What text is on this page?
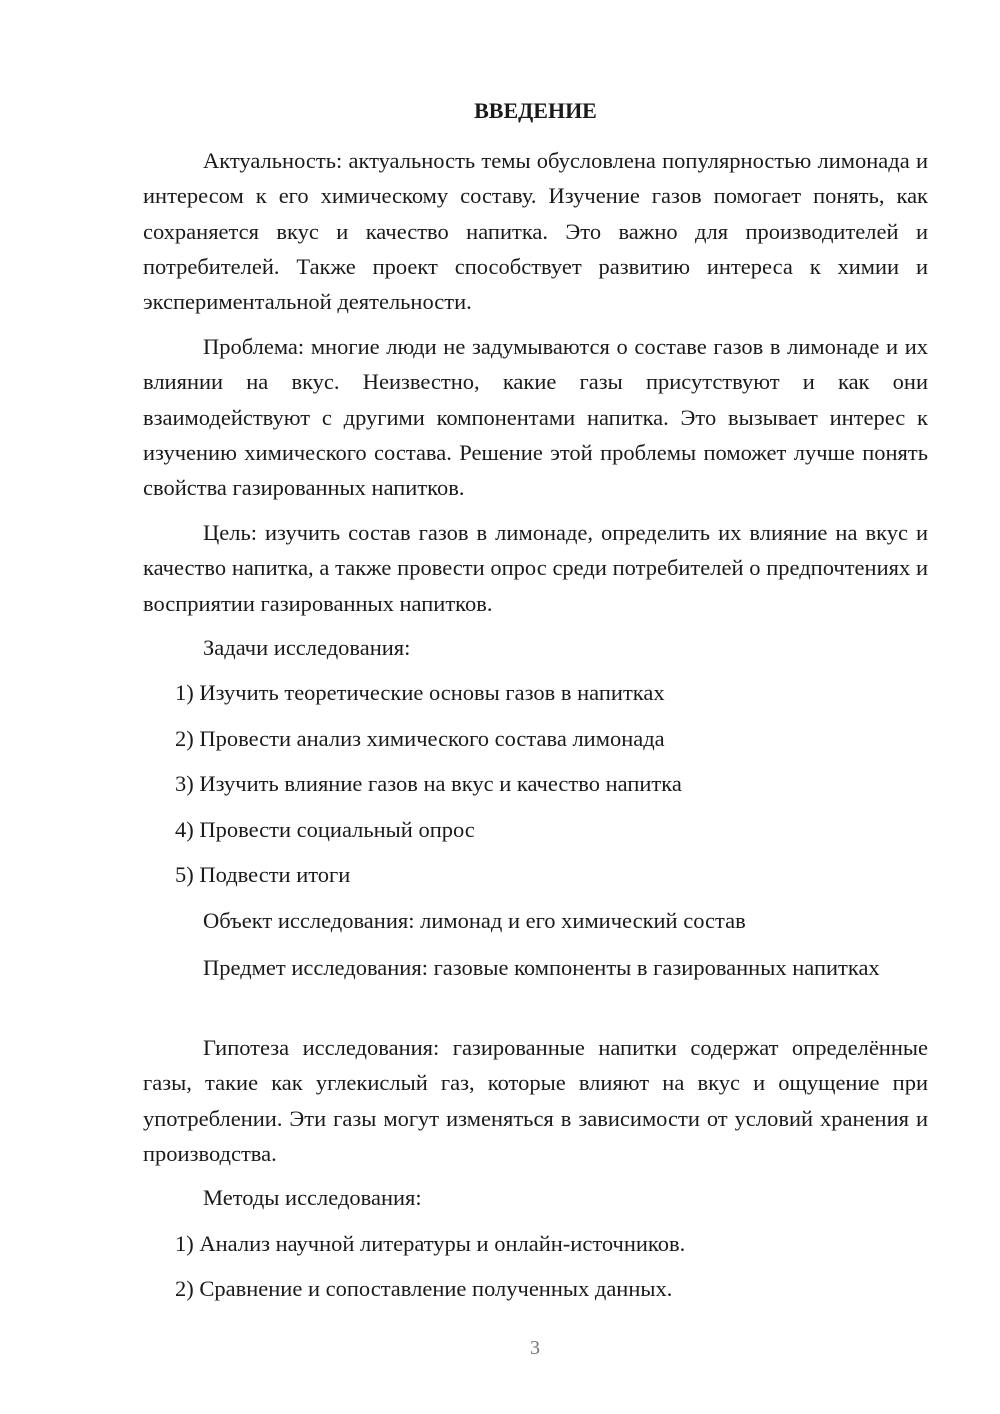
ВВЕДЕНИЕ

Актуальность: актуальность темы обусловлена популярностью лимонада и интересом к его химическому составу. Изучение газов помогает понять, как сохраняется вкус и качество напитка. Это важно для производителей и потребителей. Также проект способствует развитию интереса к химии и экспериментальной деятельности.

Проблема: многие люди не задумываются о составе газов в лимонаде и их влиянии на вкус. Неизвестно, какие газы присутствуют и как они взаимодействуют с другими компонентами напитка. Это вызывает интерес к изучению химического состава. Решение этой проблемы поможет лучше понять свойства газированных напитков.

Цель: изучить состав газов в лимонаде, определить их влияние на вкус и качество напитка, а также провести опрос среди потребителей о предпочтениях и восприятии газированных напитков.

Задачи исследования:

1) Изучить теоретические основы газов в напитках

2) Провести анализ химического состава лимонада

3) Изучить влияние газов на вкус и качество напитка

4) Провести социальный опрос

5) Подвести итоги

Объект исследования: лимонад и его химический состав

Предмет исследования: газовые компоненты в газированных напитках

Гипотеза исследования: газированные напитки содержат определённые газы, такие как углекислый газ, которые влияют на вкус и ощущение при употреблении. Эти газы могут изменяться в зависимости от условий хранения и производства.

Методы исследования:

1) Анализ научной литературы и онлайн-источников.

2) Сравнение и сопоставление полученных данных.

3
